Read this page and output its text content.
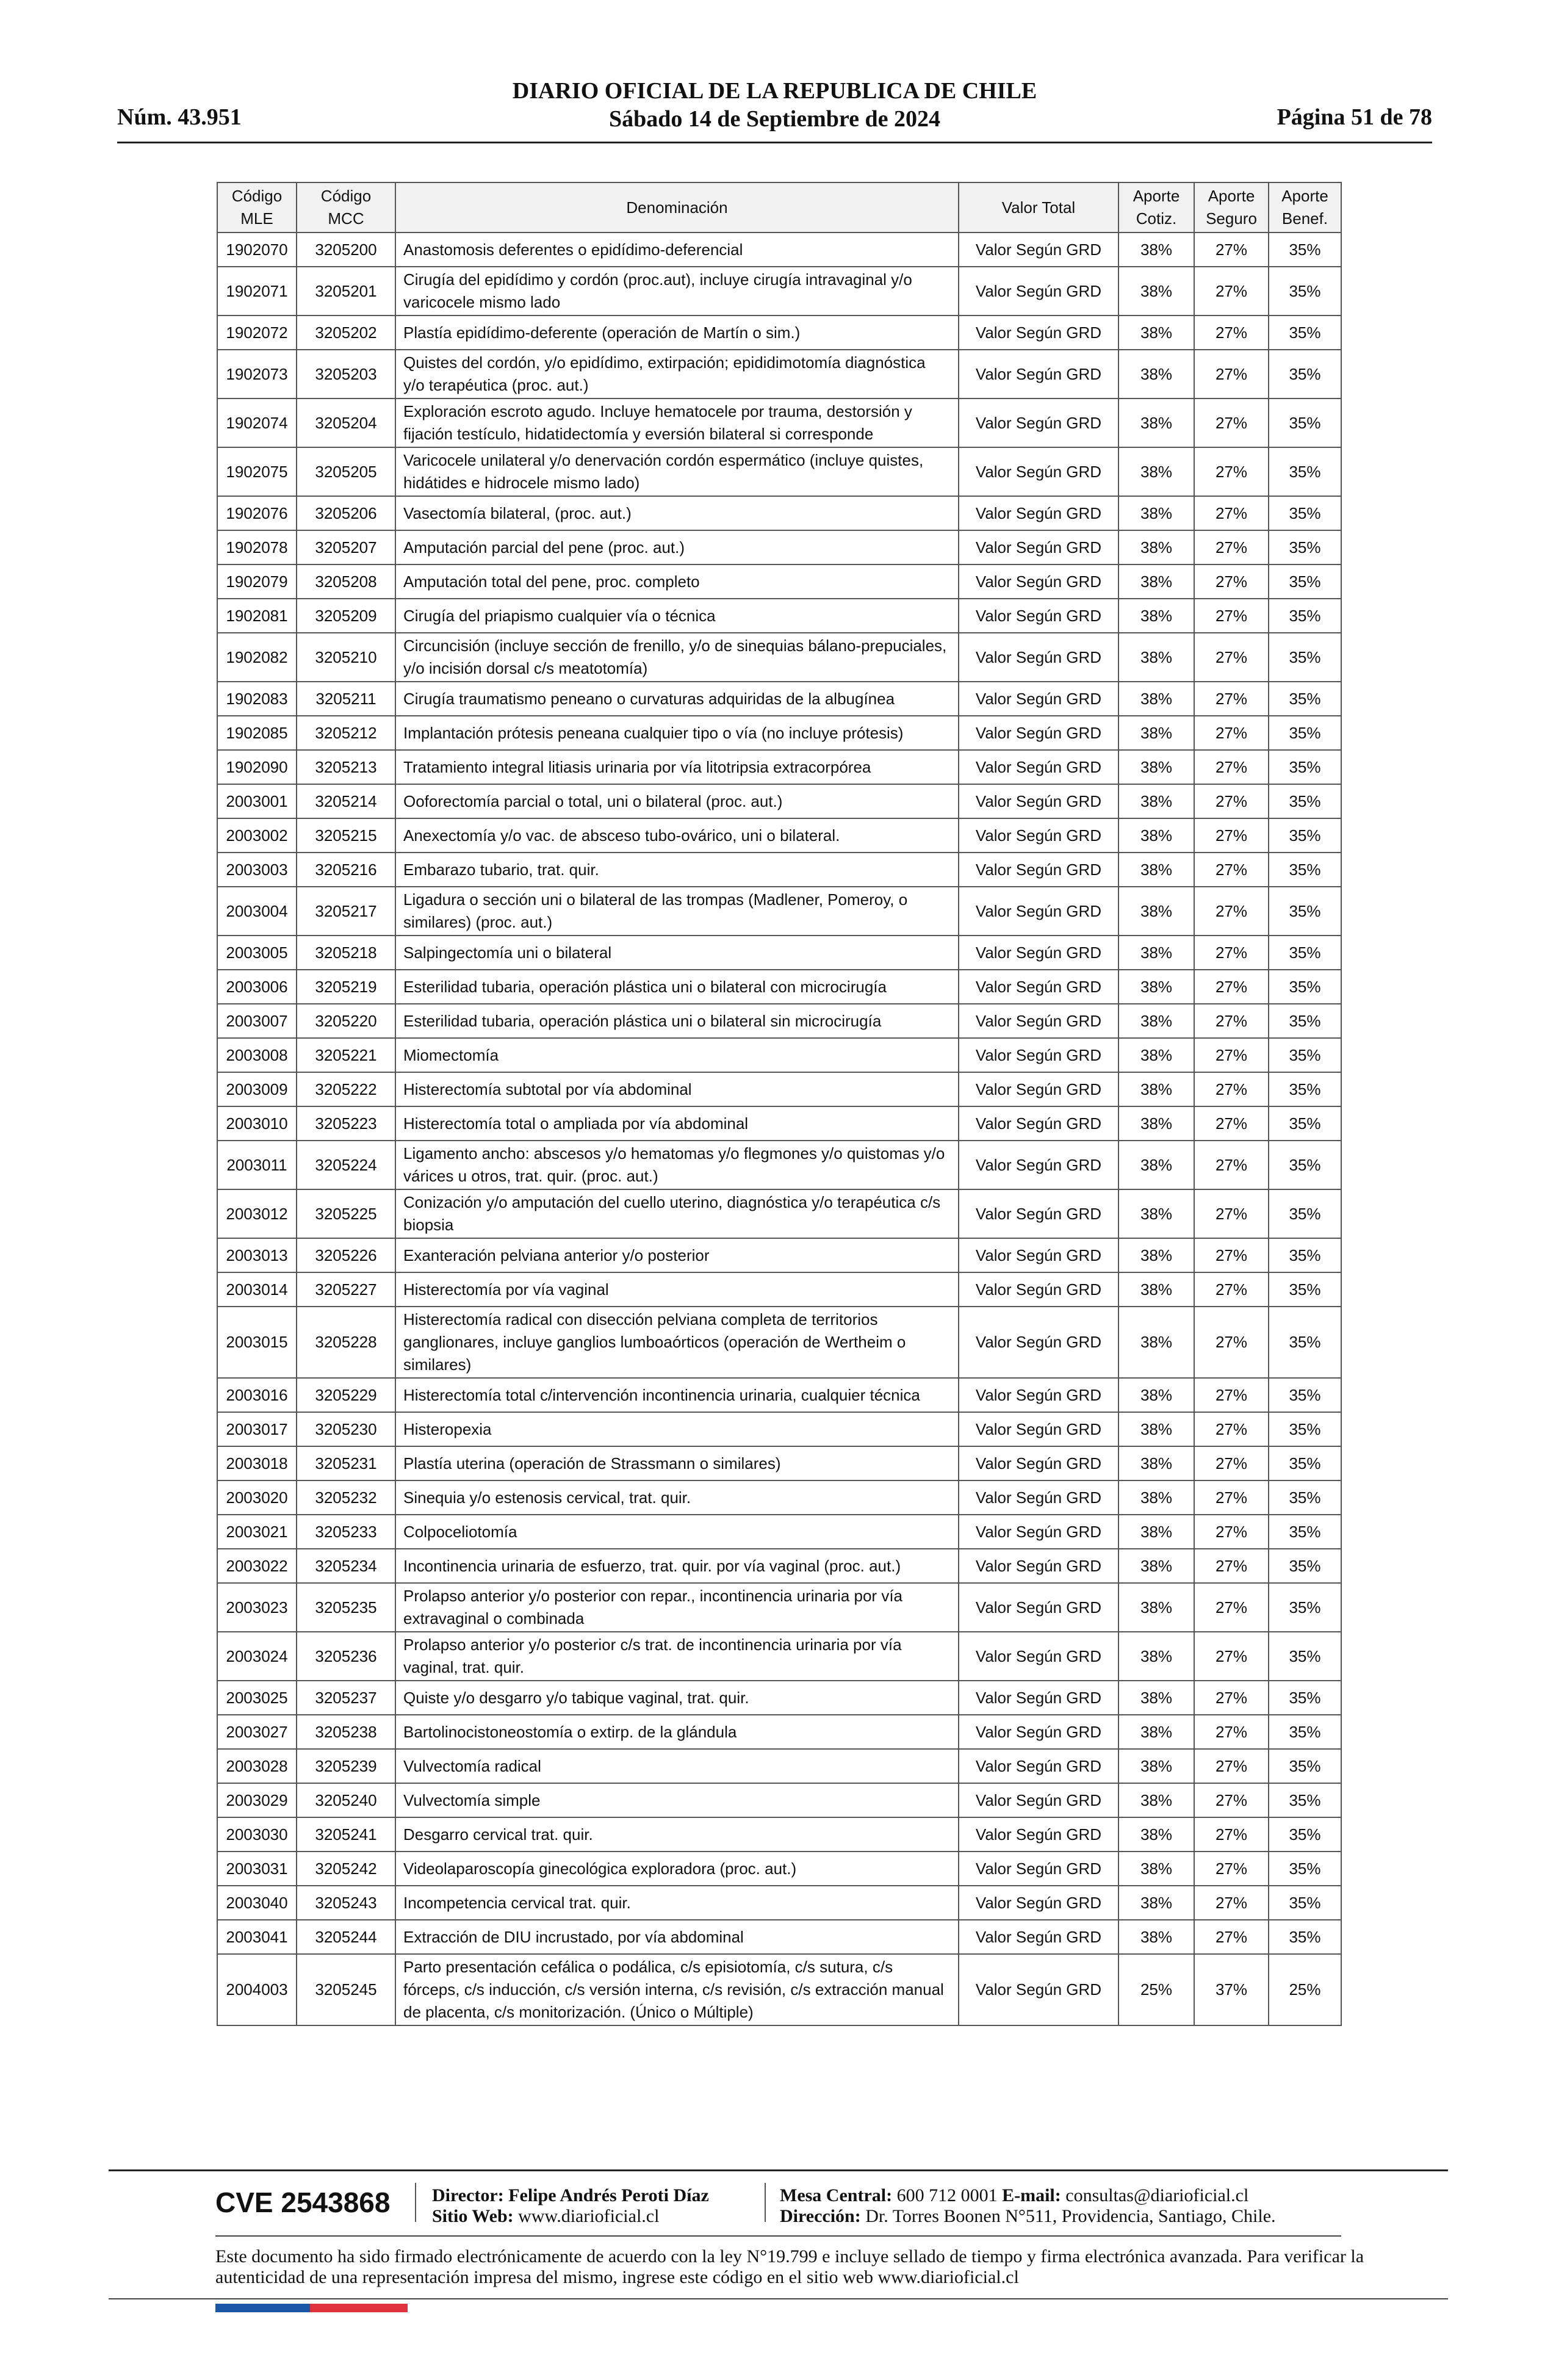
Núm. 43.951
DIARIO OFICIAL DE LA REPUBLICA DE CHILE
Sábado 14 de Septiembre de 2024	Página 51 de 78
Código MLE	Código MCC	Denominación	Valor Total	Aporte Cotiz.	Aporte Seguro	Aporte Benef.
1902070	3205200	Anastomosis deferentes o epidídimo-deferencial	Valor Según GRD	38%	27%	35%
1902071	3205201	Cirugía del epidídimo y cordón (proc.aut), incluye cirugía intravaginal y/o varicocele mismo lado	Valor Según GRD	38%	27%	35%
1902072	3205202	Plastía epidídimo-deferente (operación de Martín o sim.)	Valor Según GRD	38%	27%	35%
1902073	3205203	Quistes del cordón, y/o epidídimo, extirpación; epididimotomía diagnóstica y/o terapéutica (proc. aut.)	Valor Según GRD	38%	27%	35%
1902074	3205204	Exploración escroto agudo. Incluye hematocele por trauma, destorsión y fijación testículo, hidatidectomía y eversión bilateral si corresponde	Valor Según GRD	38%	27%	35%
1902075	3205205	Varicocele unilateral y/o denervación cordón espermático (incluye quistes, hidátides e hidrocele mismo lado)	Valor Según GRD	38%	27%	35%
1902076	3205206	Vasectomía bilateral, (proc. aut.)	Valor Según GRD	38%	27%	35%
1902078	3205207	Amputación parcial del pene (proc. aut.)	Valor Según GRD	38%	27%	35%
1902079	3205208	Amputación total del pene, proc. completo	Valor Según GRD	38%	27%	35%
1902081	3205209	Cirugía del priapismo cualquier vía o técnica	Valor Según GRD	38%	27%	35%
1902082	3205210	Circuncisión (incluye sección de frenillo, y/o de sinequias bálano-prepuciales, y/o incisión dorsal c/s meatotomía)	Valor Según GRD	38%	27%	35%
1902083	3205211	Cirugía traumatismo peneano o curvaturas adquiridas de la albugínea	Valor Según GRD	38%	27%	35%
1902085	3205212	Implantación prótesis peneana cualquier tipo o vía (no incluye prótesis)	Valor Según GRD	38%	27%	35%
1902090	3205213	Tratamiento integral litiasis urinaria por vía litotripsia extracorpórea	Valor Según GRD	38%	27%	35%
2003001	3205214	Ooforectomía parcial o total, uni o bilateral (proc. aut.)	Valor Según GRD	38%	27%	35%
2003002	3205215	Anexectomía y/o vac. de absceso tubo-ovárico, uni o bilateral.	Valor Según GRD	38%	27%	35%
2003003	3205216	Embarazo tubario, trat. quir.	Valor Según GRD	38%	27%	35%
2003004	3205217	Ligadura o sección uni o bilateral de las trompas (Madlener, Pomeroy, o similares) (proc. aut.)	Valor Según GRD	38%	27%	35%
2003005	3205218	Salpingectomía uni o bilateral	Valor Según GRD	38%	27%	35%
2003006	3205219	Esterilidad tubaria, operación plástica uni o bilateral con microcirugía	Valor Según GRD	38%	27%	35%
2003007	3205220	Esterilidad tubaria, operación plástica uni o bilateral sin microcirugía	Valor Según GRD	38%	27%	35%
2003008	3205221	Miomectomía	Valor Según GRD	38%	27%	35%
2003009	3205222	Histerectomía subtotal por vía abdominal	Valor Según GRD	38%	27%	35%
2003010	3205223	Histerectomía total o ampliada por vía abdominal	Valor Según GRD	38%	27%	35%
2003011	3205224	Ligamento ancho: abscesos y/o hematomas y/o flegmones y/o quistomas y/o várices u otros, trat. quir. (proc. aut.)	Valor Según GRD	38%	27%	35%
2003012	3205225	Conización y/o amputación del cuello uterino, diagnóstica y/o terapéutica c/s biopsia	Valor Según GRD	38%	27%	35%
2003013	3205226	Exanteración pelviana anterior y/o posterior	Valor Según GRD	38%	27%	35%
2003014	3205227	Histerectomía por vía vaginal	Valor Según GRD	38%	27%	35%
2003015	3205228	Histerectomía radical con disección pelviana completa de territorios ganglionares, incluye ganglios lumboaórticos (operación de Wertheim o similares)	Valor Según GRD	38%	27%	35%
2003016	3205229	Histerectomía total c/intervención incontinencia urinaria, cualquier técnica	Valor Según GRD	38%	27%	35%
2003017	3205230	Histeropexia	Valor Según GRD	38%	27%	35%
2003018	3205231	Plastía uterina (operación de Strassmann o similares)	Valor Según GRD	38%	27%	35%
2003020	3205232	Sinequia y/o estenosis cervical, trat. quir.	Valor Según GRD	38%	27%	35%
2003021	3205233	Colpoceliotomía	Valor Según GRD	38%	27%	35%
2003022	3205234	Incontinencia urinaria de esfuerzo, trat. quir. por vía vaginal (proc. aut.)	Valor Según GRD	38%	27%	35%
2003023	3205235	Prolapso anterior y/o posterior con repar., incontinencia urinaria por vía extravaginal o combinada	Valor Según GRD	38%	27%	35%
2003024	3205236	Prolapso anterior y/o posterior c/s trat. de incontinencia urinaria por vía vaginal, trat. quir.	Valor Según GRD	38%	27%	35%
2003025	3205237	Quiste y/o desgarro y/o tabique vaginal, trat. quir.	Valor Según GRD	38%	27%	35%
2003027	3205238	Bartolinocistoneostomía o extirp. de la glándula	Valor Según GRD	38%	27%	35%
2003028	3205239	Vulvectomía radical	Valor Según GRD	38%	27%	35%
2003029	3205240	Vulvectomía simple	Valor Según GRD	38%	27%	35%
2003030	3205241	Desgarro cervical trat. quir.	Valor Según GRD	38%	27%	35%
2003031	3205242	Videolaparoscopía ginecológica exploradora (proc. aut.)	Valor Según GRD	38%	27%	35%
2003040	3205243	Incompetencia cervical trat. quir.	Valor Según GRD	38%	27%	35%
2003041	3205244	Extracción de DIU incrustado, por vía abdominal	Valor Según GRD	38%	27%	35%
2004003	3205245	Parto presentación cefálica o podálica, c/s episiotomía, c/s sutura, c/s fórceps, c/s inducción, c/s versión interna, c/s revisión, c/s extracción manual de placenta, c/s monitorización. (Único o Múltiple)	Valor Según GRD	25%	37%	25%
CVE 2543868 Director: Felipe Andrés Peroti Díaz
Sitio Web: www.diarioficial.cl
Mesa Central: 600 712 0001 E-mail: consultas@diarioficial.cl
Dirección: Dr. Torres Boonen N°511, Providencia, Santiago, Chile.
Este documento ha sido firmado electrónicamente de acuerdo con la ley N°19.799 e incluye sellado de tiempo y firma electrónica avanzada. Para verificar la autenticidad de una representación impresa del mismo, ingrese este código en el sitio web www.diarioficial.cl
